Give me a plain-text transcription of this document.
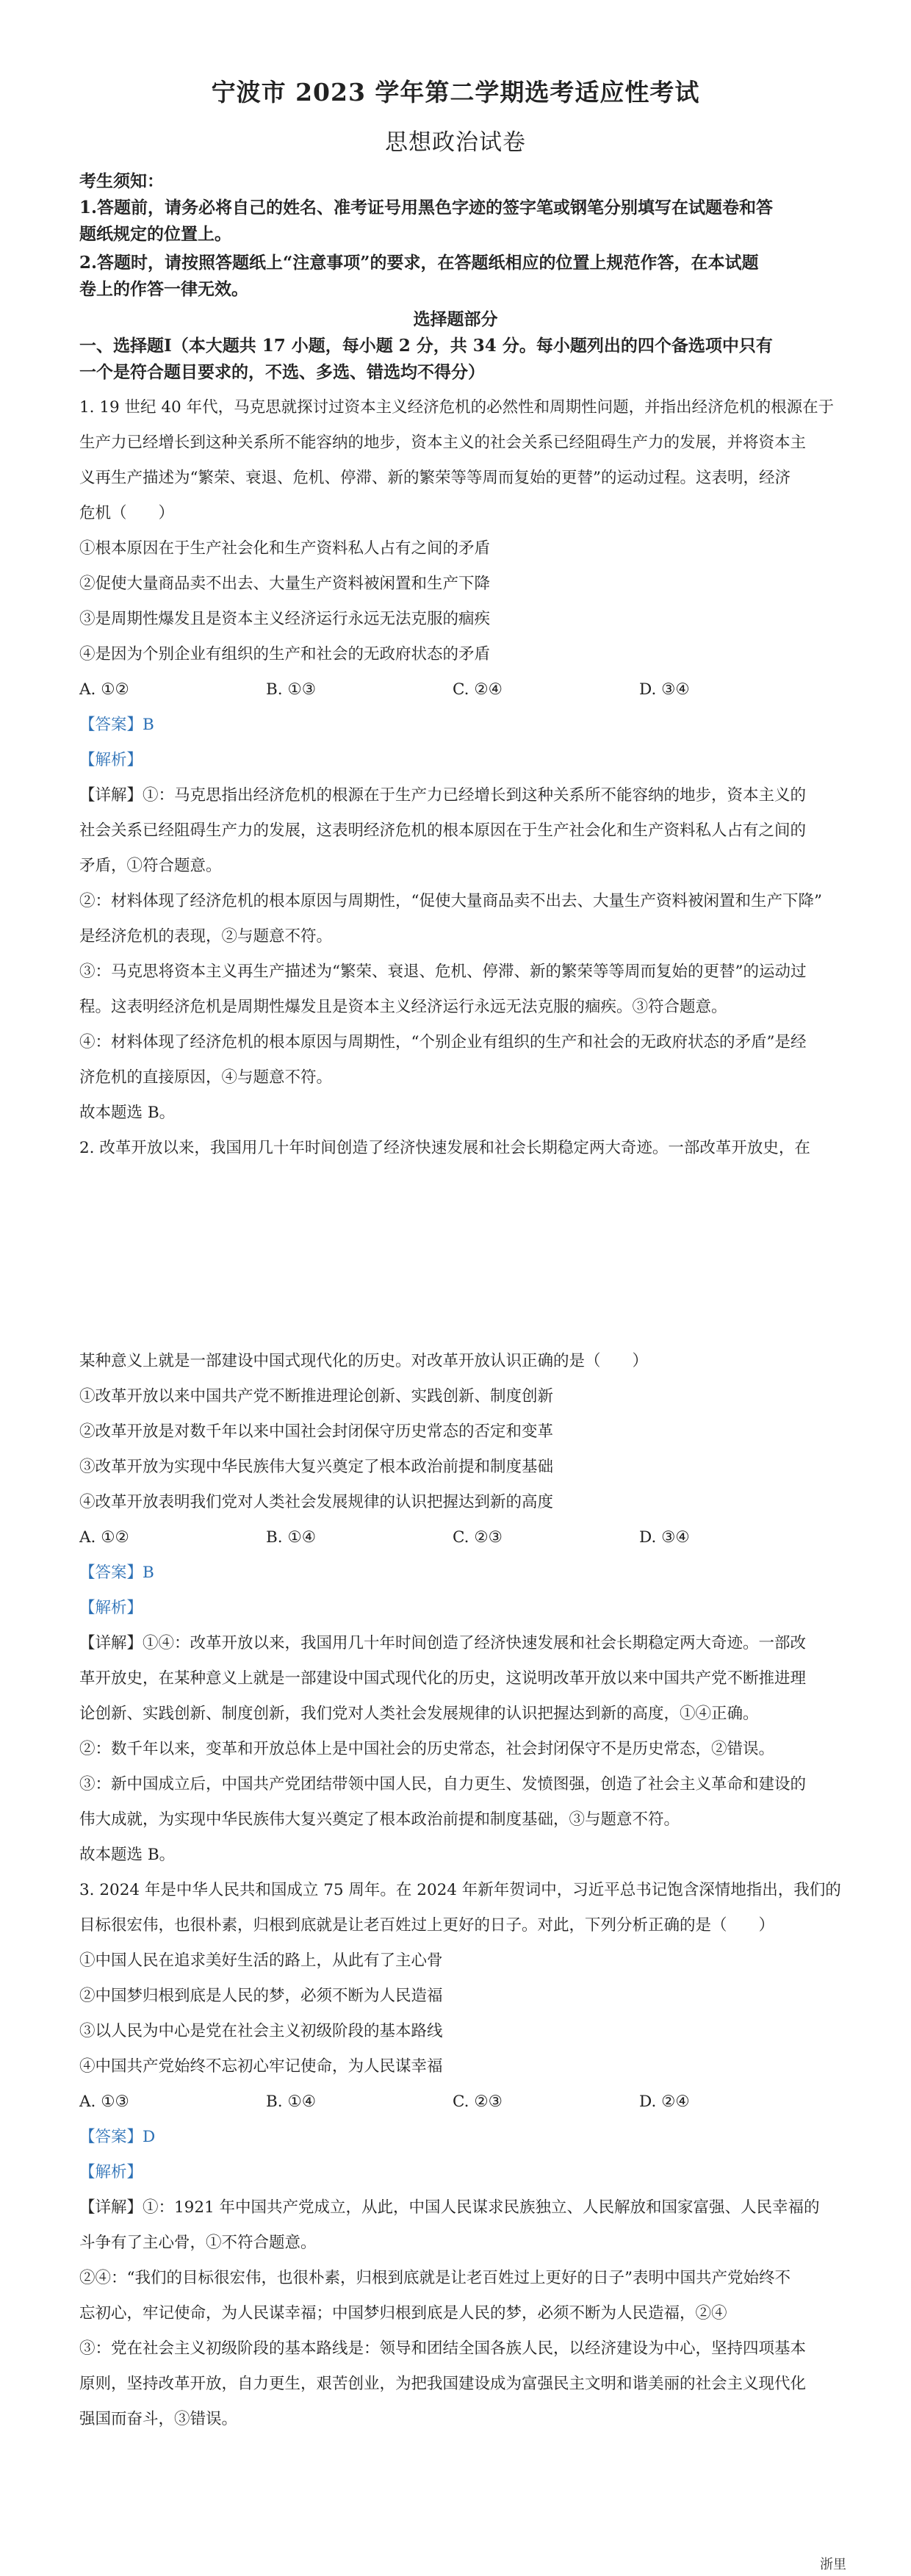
宁波市 2023 学年第二学期选考适应性考试
思想政治试卷
考生须知：
1.答题前，请务必将自己的姓名、准考证号用黑色字迹的签字笔或钢笔分别填写在试题卷和答
题纸规定的位置上。
2.答题时，请按照答题纸上“注意事项”的要求，在答题纸相应的位置上规范作答，在本试题
卷上的作答一律无效。
选择题部分
一、选择题Ⅰ（本大题共 17 小题，每小题 2 分，共 34 分。每小题列出的四个备选项中只有
一个是符合题目要求的，不选、多选、错选均不得分）
1. 19 世纪 40 年代，马克思就探讨过资本主义经济危机的必然性和周期性问题，并指出经济危机的根源在于
生产力已经增长到这种关系所不能容纳的地步，资本主义的社会关系已经阻碍生产力的发展，并将资本主
义再生产描述为“繁荣、衰退、危机、停滞、新的繁荣等等周而复始的更替”的运动过程。这表明，经济
危机（　　）
①根本原因在于生产社会化和生产资料私人占有之间的矛盾
②促使大量商品卖不出去、大量生产资料被闲置和生产下降
③是周期性爆发且是资本主义经济运行永远无法克服的痼疾
④是因为个别企业有组织的生产和社会的无政府状态的矛盾
A. ①②	B. ①③	C. ②④	D. ③④
【答案】B
【解析】
【详解】①：马克思指出经济危机的根源在于生产力已经增长到这种关系所不能容纳的地步，资本主义的
社会关系已经阻碍生产力的发展，这表明经济危机的根本原因在于生产社会化和生产资料私人占有之间的
矛盾，①符合题意。
②：材料体现了经济危机的根本原因与周期性，“促使大量商品卖不出去、大量生产资料被闲置和生产下降”
是经济危机的表现，②与题意不符。
③：马克思将资本主义再生产描述为“繁荣、衰退、危机、停滞、新的繁荣等等周而复始的更替”的运动过
程。这表明经济危机是周期性爆发且是资本主义经济运行永远无法克服的痼疾。③符合题意。
④：材料体现了经济危机的根本原因与周期性，“个别企业有组织的生产和社会的无政府状态的矛盾”是经
济危机的直接原因，④与题意不符。
故本题选 B。
2. 改革开放以来，我国用几十年时间创造了经济快速发展和社会长期稳定两大奇迹。一部改革开放史，在
某种意义上就是一部建设中国式现代化的历史。对改革开放认识正确的是（　　）
①改革开放以来中国共产党不断推进理论创新、实践创新、制度创新
②改革开放是对数千年以来中国社会封闭保守历史常态的否定和变革
③改革开放为实现中华民族伟大复兴奠定了根本政治前提和制度基础
④改革开放表明我们党对人类社会发展规律的认识把握达到新的高度
A. ①②	B. ①④	C. ②③	D. ③④
【答案】B
【解析】
【详解】①④：改革开放以来，我国用几十年时间创造了经济快速发展和社会长期稳定两大奇迹。一部改
革开放史，在某种意义上就是一部建设中国式现代化的历史，这说明改革开放以来中国共产党不断推进理
论创新、实践创新、制度创新，我们党对人类社会发展规律的认识把握达到新的高度，①④正确。
②：数千年以来，变革和开放总体上是中国社会的历史常态，社会封闭保守不是历史常态，②错误。
③：新中国成立后，中国共产党团结带领中国人民，自力更生、发愤图强，创造了社会主义革命和建设的
伟大成就，为实现中华民族伟大复兴奠定了根本政治前提和制度基础，③与题意不符。
故本题选 B。
3. 2024 年是中华人民共和国成立 75 周年。在 2024 年新年贺词中，习近平总书记饱含深情地指出，我们的
目标很宏伟，也很朴素，归根到底就是让老百姓过上更好的日子。对此，下列分析正确的是（　　）
①中国人民在追求美好生活的路上，从此有了主心骨
②中国梦归根到底是人民的梦，必须不断为人民造福
③以人民为中心是党在社会主义初级阶段的基本路线
④中国共产党始终不忘初心牢记使命，为人民谋幸福
A. ①③	B. ①④	C. ②③	D. ②④
【答案】D
【解析】
【详解】①：1921 年中国共产党成立，从此，中国人民谋求民族独立、人民解放和国家富强、人民幸福的
斗争有了主心骨，①不符合题意。
②④：“我们的目标很宏伟，也很朴素，归根到底就是让老百姓过上更好的日子”表明中国共产党始终不
忘初心，牢记使命，为人民谋幸福；中国梦归根到底是人民的梦，必须不断为人民造福，②④
③：党在社会主义初级阶段的基本路线是：领导和团结全国各族人民，以经济建设为中心，坚持四项基本
原则，坚持改革开放，自力更生，艰苦创业，为把我国建设成为富强民主文明和谐美丽的社会主义现代化
强国而奋斗，③错误。
浙里
